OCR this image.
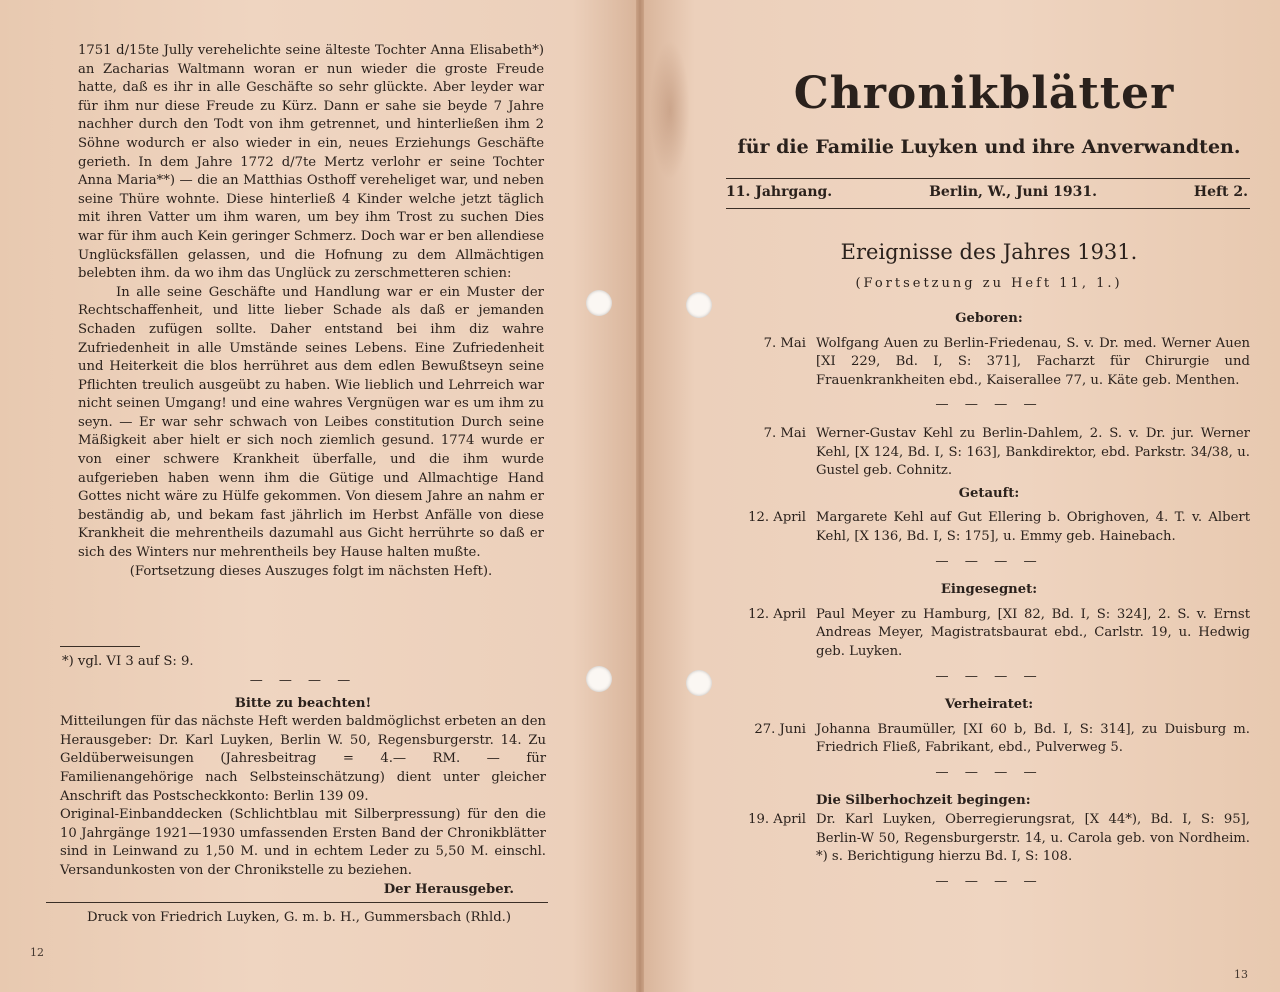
1751 d/15te Jully verehelichte seine älteste Tochter Anna Elisabeth*) an Zacharias Waltmann woran er nun wieder die groste Freude hatte, daß es ihr in alle Geschäfte so sehr glückte. Aber leyder war für ihm nur diese Freude zu Kürz. Dann er sahe sie beyde 7 Jahre nachher durch den Todt von ihm getrennet, und hinterließen ihm 2 Söhne wodurch er also wieder in ein, neues Erziehungs Geschäfte gerieth. In dem Jahre 1772 d/7te Mertz verlohr er seine Tochter Anna Maria**) — die an Matthias Osthoff vereheliget war, und neben seine Thüre wohnte. Diese hinterließ 4 Kinder welche jetzt täglich mit ihren Vatter um ihm waren, um bey ihm Trost zu suchen Dies war für ihm auch Kein geringer Schmerz. Doch war er ben allendiese Unglücksfällen gelassen, und die Hofnung zu dem Allmächtigen belebten ihm. da wo ihm das Unglück zu zerschmetteren schien:

In alle seine Geschäfte und Handlung war er ein Muster der Rechtschaffenheit, und litte lieber Schade als daß er jemanden Schaden zufügen sollte. Daher entstand bei ihm diz wahre Zufriedenheit in alle Umstände seines Lebens. Eine Zufriedenheit und Heiterkeit die blos herrühret aus dem edlen Bewußtseyn seine Pflichten treulich ausgeübt zu haben. Wie lieblich und Lehrreich war nicht seinen Umgang! und eine wahres Vergnügen war es um ihm zu seyn. — Er war sehr schwach von Leibes constitution Durch seine Mäßigkeit aber hielt er sich noch ziemlich gesund. 1774 wurde er von einer schwere Krankheit überfalle, und die ihm wurde aufgerieben haben wenn ihm die Gütige und Allmachtige Hand Gottes nicht wäre zu Hülfe gekommen. Von diesem Jahre an nahm er beständig ab, und bekam fast jährlich im Herbst Anfälle von diese Krankheit die mehrentheils dazumahl aus Gicht herrührte so daß er sich des Winters nur mehrentheils bey Hause halten mußte.

(Fortsetzung dieses Auszuges folgt im nächsten Heft).

*) vgl. VI 3 auf S: 9.

— — — —

Bitte zu beachten!

Mitteilungen für das nächste Heft werden baldmöglichst erbeten an den Herausgeber: Dr. Karl Luyken, Berlin W. 50, Regensburgerstr. 14. Zu Geldüberweisungen (Jahresbeitrag = 4.— RM. — für Familienangehörige nach Selbsteinschätzung) dient unter gleicher Anschrift das Postscheckkonto: Berlin 139 09.

Original-Einbanddecken (Schlichtblau mit Silberpressung) für den die 10 Jahrgänge 1921—1930 umfassenden Ersten Band der Chronikblätter sind in Leinwand zu 1,50 M. und in echtem Leder zu 5,50 M. einschl. Versandunkosten von der Chronikstelle zu beziehen.

Der Herausgeber.

Druck von Friedrich Luyken, G. m. b. H., Gummersbach (Rhld.)
12
Chronikblätter
für die Familie Luyken und ihre Anverwandten.
11. Jahrgang.	Berlin, W., Juni 1931.	Heft 2.
Ereignisse des Jahres 1931.
(Fortsetzung zu Heft 11, 1.)
Geboren:
7. Mai Wolfgang Auen zu Berlin-Friedenau, S. v. Dr. med. Werner Auen [XI 229, Bd. I, S: 371], Facharzt für Chirurgie und Frauenkrankheiten ebd., Kaiserallee 77, u. Käte geb. Menthen.
— — — —
7. Mai Werner-Gustav Kehl zu Berlin-Dahlem, 2. S. v. Dr. jur. Werner Kehl, [X 124, Bd. I, S: 163], Bankdirektor, ebd. Parkstr. 34/38, u. Gustel geb. Cohnitz.
Getauft:
12. April Margarete Kehl auf Gut Ellering b. Obrighoven, 4. T. v. Albert Kehl, [X 136, Bd. I, S: 175], u. Emmy geb. Hainebach.
— — — —
Eingesegnet:
12. April Paul Meyer zu Hamburg, [XI 82, Bd. I, S: 324], 2. S. v. Ernst Andreas Meyer, Magistratsbaurat ebd., Carlstr. 19, u. Hedwig geb. Luyken.
— — — —
Verheiratet:
27. Juni Johanna Braumüller, [XI 60 b, Bd. I, S: 314], zu Duisburg m. Friedrich Fließ, Fabrikant, ebd., Pulverweg 5.
— — — —
Die Silberhochzeit begingen:
19. April Dr. Karl Luyken, Oberregierungsrat, [X 44*), Bd. I, S: 95], Berlin-W 50, Regensburgerstr. 14, u. Carola geb. von Nordheim. *) s. Berichtigung hierzu Bd. I, S: 108.
— — — —
13
